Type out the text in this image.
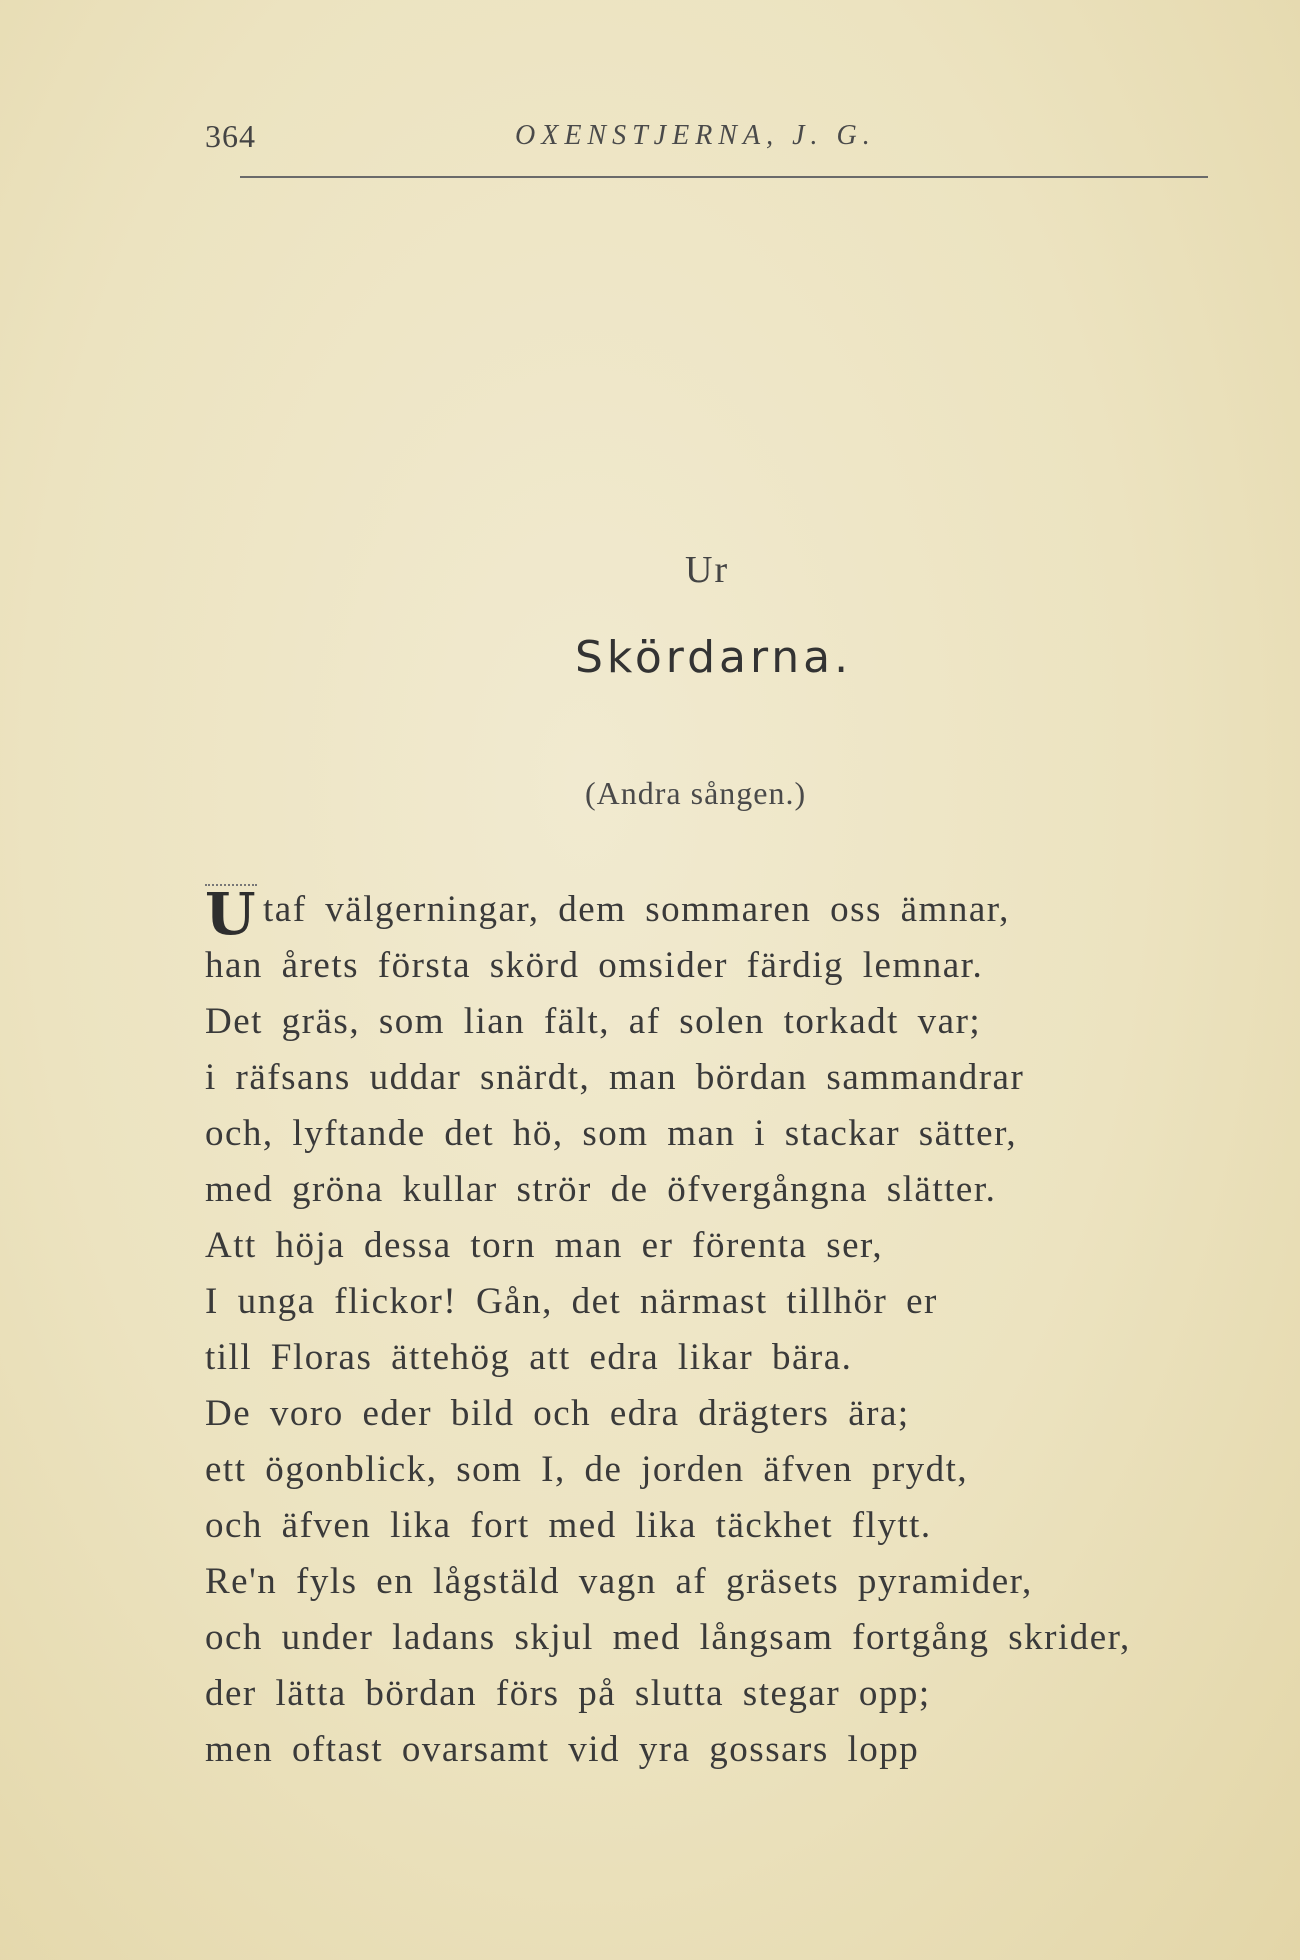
364	OXENSTJERNA, J. G.
Ur
Skördarna.
(Andra sången.)
U taf välgerningar, dem sommaren oss ämnar,
han årets första skörd omsider färdig lemnar.
Det gräs, som lian fält, af solen torkadt var;
i räfsans uddar snärdt, man bördan sammandrar
och, lyftande det hö, som man i stackar sätter,
med gröna kullar strör de öfvergångna slätter.
Att höja dessa torn man er förenta ser,
I unga flickor! Gån, det närmast tillhör er
till Floras ättehög att edra likar bära.
De voro eder bild och edra drägters ära;
ett ögonblick, som I, de jorden äfven prydt,
och äfven lika fort med lika täckhet flytt.
Re'n fyls en lågstäld vagn af gräsets pyramider,
och under ladans skjul med långsam fortgång skrider,
der lätta bördan förs på slutta stegar opp;
men oftast ovarsamt vid yra gossars lopp
